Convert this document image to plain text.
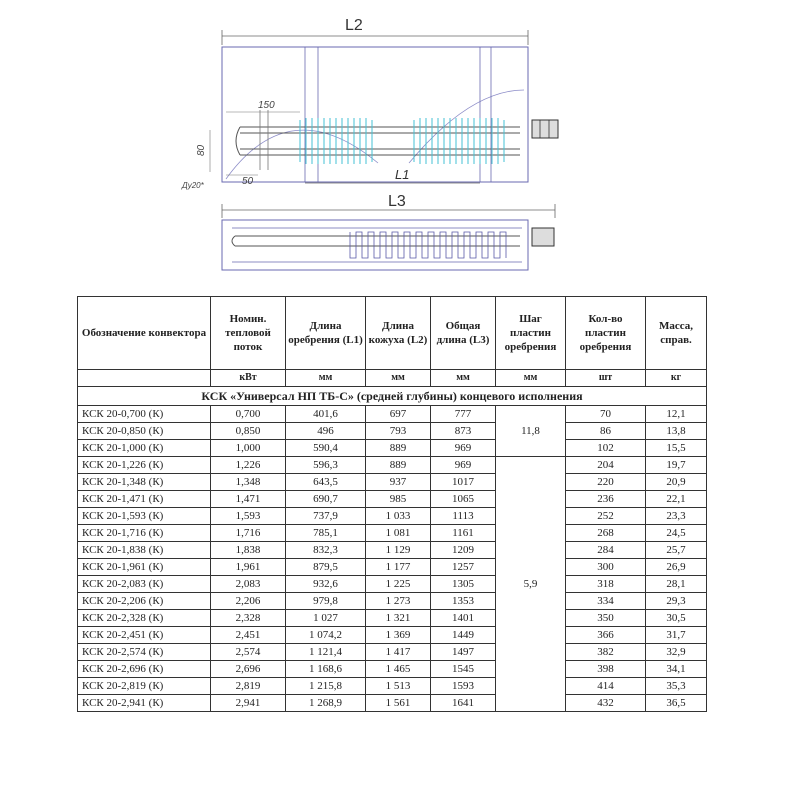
L2
150
50
80
Ду20*
L1
L3
Обозначение конвектора	Номин. тепловой поток	Длина оребрения (L1)	Длина кожуха (L2)	Общая длина (L3)	Шаг пластин оребрения	Кол-во пластин оребрения	Масса, справ.
	кВт	мм	мм	мм	мм	шт	кг
КСК «Универсал НП ТБ-С» (средней глубины) концевого исполнения							
КСК 20-0,700 (К)	0,700	401,6	697	777	11,8	70	12,1
КСК 20-0,850 (К)	0,850	496	793	873		86	13,8
КСК 20-1,000 (К)	1,000	590,4	889	969		102	15,5
КСК 20-1,226 (К)	1,226	596,3	889	969	5,9	204	19,7
КСК 20-1,348 (К)	1,348	643,5	937	1017		220	20,9
КСК 20-1,471 (К)	1,471	690,7	985	1065		236	22,1
КСК 20-1,593 (К)	1,593	737,9	1 033	1113		252	23,3
КСК 20-1,716 (К)	1,716	785,1	1 081	1161		268	24,5
КСК 20-1,838 (К)	1,838	832,3	1 129	1209		284	25,7
КСК 20-1,961 (К)	1,961	879,5	1 177	1257		300	26,9
КСК 20-2,083 (К)	2,083	932,6	1 225	1305		318	28,1
КСК 20-2,206 (К)	2,206	979,8	1 273	1353		334	29,3
КСК 20-2,328 (К)	2,328	1 027	1 321	1401		350	30,5
КСК 20-2,451 (К)	2,451	1 074,2	1 369	1449		366	31,7
КСК 20-2,574 (К)	2,574	1 121,4	1 417	1497		382	32,9
КСК 20-2,696 (К)	2,696	1 168,6	1 465	1545		398	34,1
КСК 20-2,819 (К)	2,819	1 215,8	1 513	1593		414	35,3
КСК 20-2,941 (К)	2,941	1 268,9	1 561	1641		432	36,5
